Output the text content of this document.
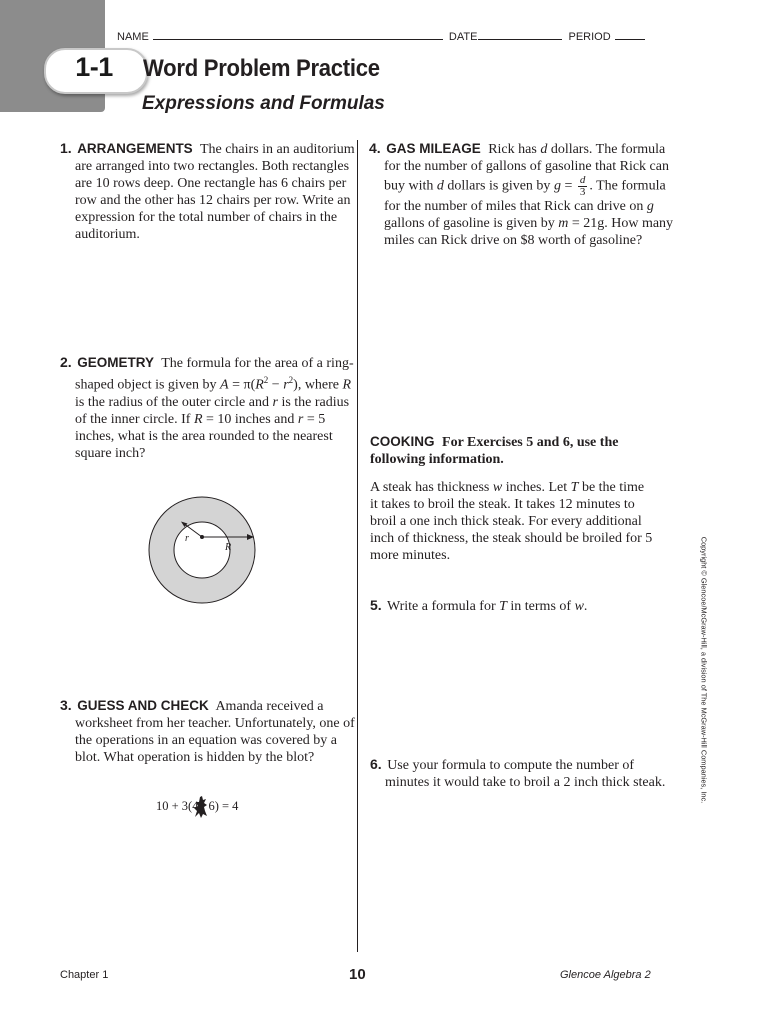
1-1
NAME	DATE	PERIOD
Word Problem Practice
Expressions and Formulas
1. ARRANGEMENTS The chairs in an auditorium are arranged into two rectangles. Both rectangles are 10 rows deep. One rectangle has 6 chairs per row and the other has 12 chairs per row. Write an expression for the total number of chairs in the auditorium.
2. GEOMETRY The formula for the area of a ring-shaped object is given by $A = \pi(R^2 - r^2)$, where R is the radius of the outer circle and r is the radius of the inner circle. If R = 10 inches and r = 5 inches, what is the area rounded to the nearest square inch?
r
R
3. GUESS AND CHECK Amanda received a worksheet from her teacher. Unfortunately, one of the operations in an equation was covered by a blot. What operation is hidden by the blot?
10 + 3(4 6) = 4
4. GAS MILEAGE Rick has d dollars. The formula for the number of gallons of gasoline that Rick can buy with d dollars is given by $g = \frac{d}{3}$ . The formula for the number of miles that Rick can drive on g gallons of gasoline is given by m = 21g. How many miles can Rick drive on $8 worth of gasoline?
COOKING For Exercises 5 and 6, use the following information.
A steak has thickness w inches. Let T be the time it takes to broil the steak. It takes 12 minutes to broil a one inch thick steak. For every additional inch of thickness, the steak should be broiled for 5 more minutes.
5. Write a formula for T in terms of w.
6. Use your formula to compute the number of minutes it would take to broil a 2 inch thick steak.	Copyright © Glencoe/McGraw-Hill, a division of The McGraw-Hill Companies, Inc.
Chapter 1	10	Glencoe Algebra 2
